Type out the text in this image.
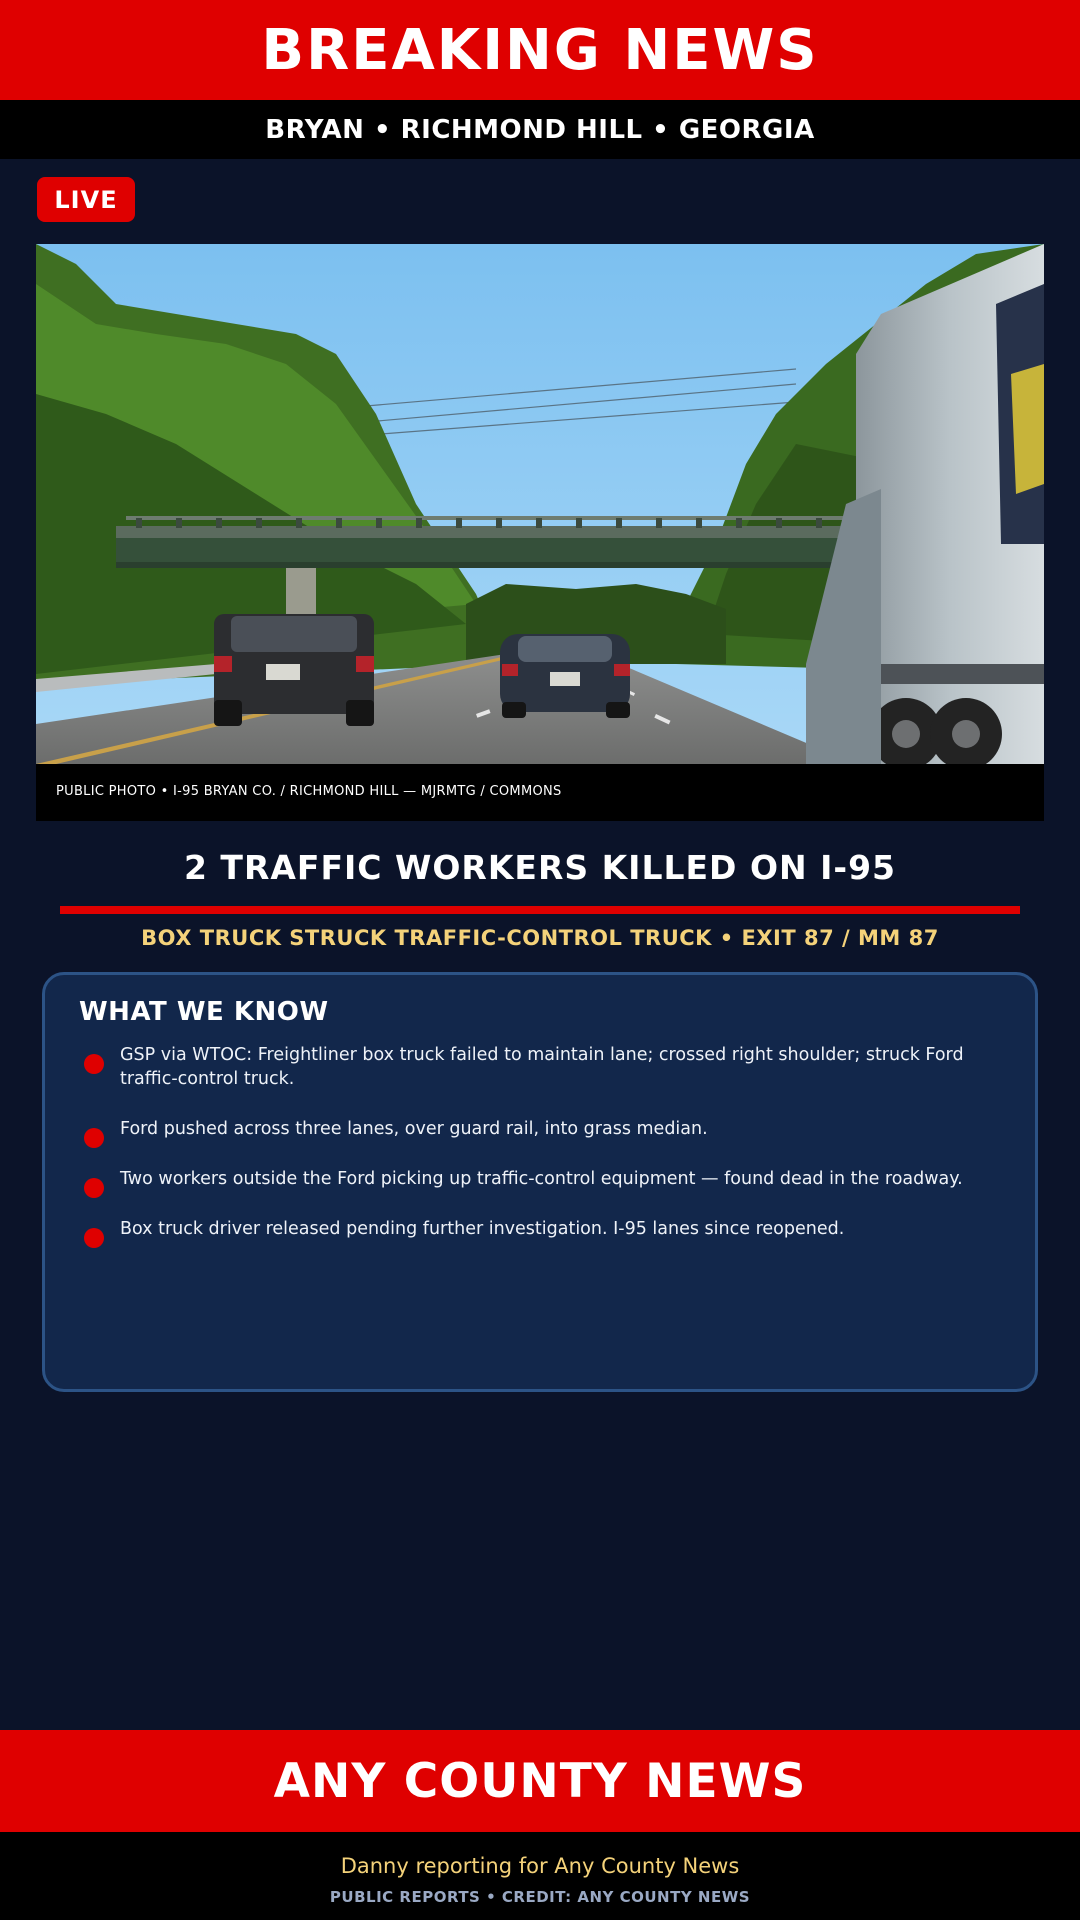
BREAKING NEWS
BRYAN • RICHMOND HILL • GEORGIA
LIVE
PUBLIC PHOTO • I-95 BRYAN CO. / RICHMOND HILL — MJRMTG / COMMONS
2 TRAFFIC WORKERS KILLED ON I-95
BOX TRUCK STRUCK TRAFFIC-CONTROL TRUCK • EXIT 87 / MM 87
WHAT WE KNOW
GSP via WTOC: Freightliner box truck failed to maintain lane; crossed right shoulder; struck Ford traffic-control truck.
Ford pushed across three lanes, over guard rail, into grass median.
Two workers outside the Ford picking up traffic-control equipment — found dead in the roadway.
Box truck driver released pending further investigation. I-95 lanes since reopened.
ANY COUNTY NEWS
Danny reporting for Any County News
PUBLIC REPORTS • CREDIT: ANY COUNTY NEWS
